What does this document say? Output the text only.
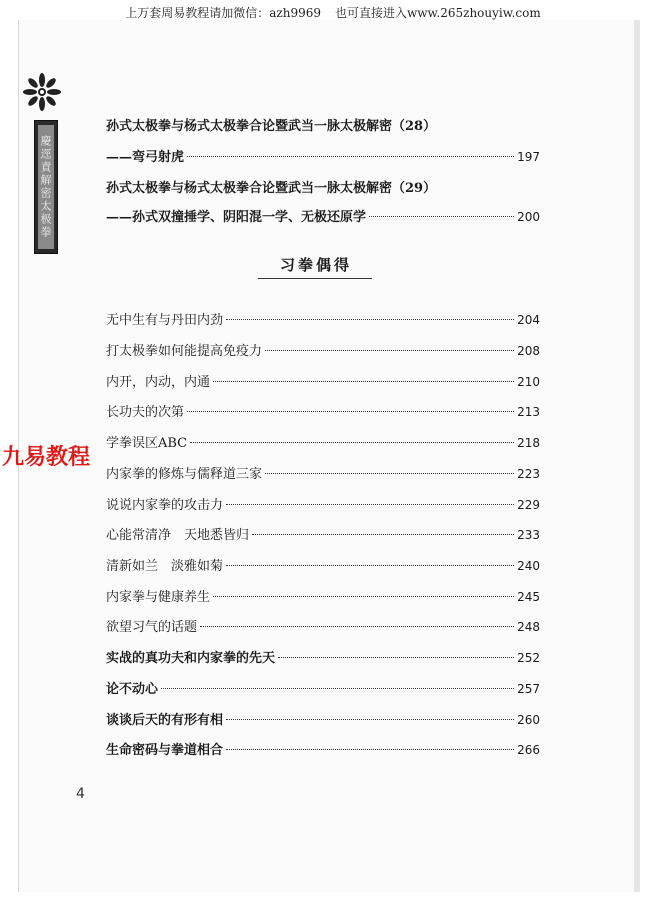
上万套周易教程请加微信：azh9969 也可直接进入www.265zhouyiw.com
慶逕責解密太极拳
孙式太极拳与杨式太极拳合论暨武当一脉太极解密（28）
——弯弓射虎	197
孙式太极拳与杨式太极拳合论暨武当一脉太极解密（29）
——孙式双撞捶学、阴阳混一学、无极还原学	200
习拳偶得
无中生有与丹田内劲	204
打太极拳如何能提高免疫力	208
内开，内动，内通	210
长功夫的次第	213
学拳误区ABC	218
内家拳的修炼与儒释道三家	223
说说内家拳的攻击力	229
心能常清净　天地悉皆归	233
清新如兰　淡雅如菊	240
内家拳与健康养生	245
欲望习气的话题	248
实战的真功夫和内家拳的先天	252
论不动心	257
谈谈后天的有形有相	260
生命密码与拳道相合	266
九易教程
4
